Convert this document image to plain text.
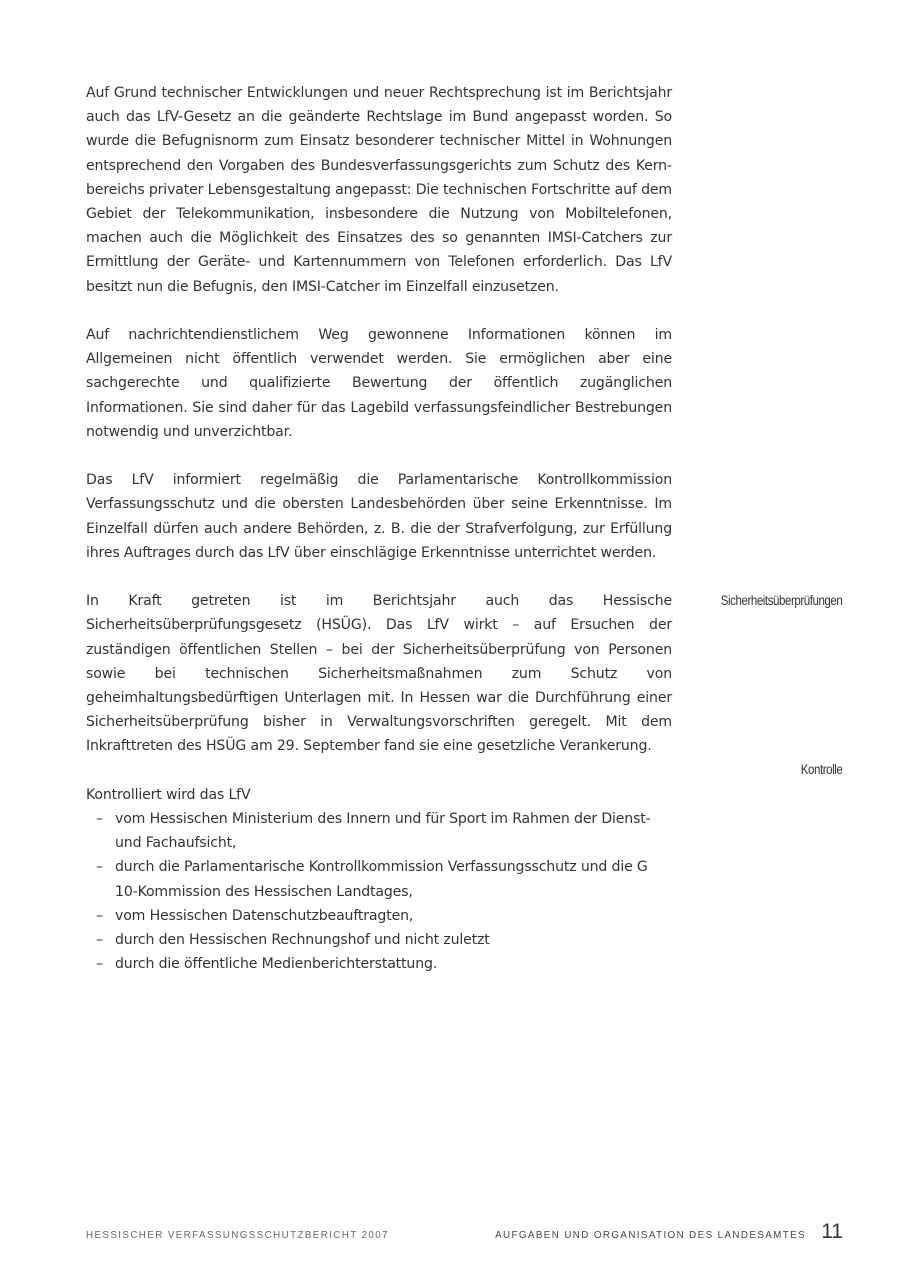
Auf Grund technischer Entwicklungen und neuer Rechtsprechung ist im Berichtsjahr auch das LfV-Gesetz an die geänderte Rechtslage im Bund angepasst worden. So wurde die Befugnisnorm zum Einsatz besonderer technischer Mittel in Wohnungen entsprechend den Vorgaben des Bundesverfassungsgerichts zum Schutz des Kernbereichs privater Lebensgestaltung angepasst: Die technischen Fortschritte auf dem Gebiet der Telekommunikation, insbesondere die Nutzung von Mobiltelefonen, machen auch die Möglichkeit des Einsatzes des so genannten IMSI-Catchers zur Ermittlung der Geräte- und Kartennummern von Telefonen erforderlich. Das LfV besitzt nun die Befugnis, den IMSI-Catcher im Einzelfall einzusetzen.

Auf nachrichtendienstlichem Weg gewonnene Informationen können im Allgemeinen nicht öffentlich verwendet werden. Sie ermöglichen aber eine sachgerechte und qualifizierte Bewertung der öffentlich zugänglichen Informationen. Sie sind daher für das Lagebild verfassungsfeindlicher Bestrebungen notwendig und unverzichtbar.

Das LfV informiert regelmäßig die Parlamentarische Kontrollkommission Verfassungsschutz und die obersten Landesbehörden über seine Erkenntnisse. Im Einzelfall dürfen auch andere Behörden, z. B. die der Strafverfolgung, zur Erfüllung ihres Auftrages durch das LfV über einschlägige Erkenntnisse unterrichtet werden.

In Kraft getreten ist im Berichtsjahr auch das Hessische Sicherheitsüberprüfungsgesetz (HSÜG). Das LfV wirkt – auf Ersuchen der zuständigen öffentlichen Stellen – bei der Sicherheitsüberprüfung von Personen sowie bei technischen Sicherheitsmaßnahmen zum Schutz von geheimhaltungsbedürftigen Unterlagen mit. In Hessen war die Durchführung einer Sicherheitsüberprüfung bisher in Verwaltungsvorschriften geregelt. Mit dem Inkrafttreten des HSÜG am 29. September fand sie eine gesetzliche Verankerung.

Kontrolliert wird das LfV

– vom Hessischen Ministerium des Innern und für Sport im Rahmen der Dienst- und Fachaufsicht,
– durch die Parlamentarische Kontrollkommission Verfassungsschutz und die G 10-Kommission des Hessischen Landtages,
– vom Hessischen Datenschutzbeauftragten,
– durch den Hessischen Rechnungshof und nicht zuletzt
– durch die öffentliche Medienberichterstattung.
Sicherheitsüberprüfungen
Kontrolle
HESSISCHER VERFASSUNGSSCHUTZBERICHT 2007	AUFGABEN UND ORGANISATION DES LANDESAMTES 11
